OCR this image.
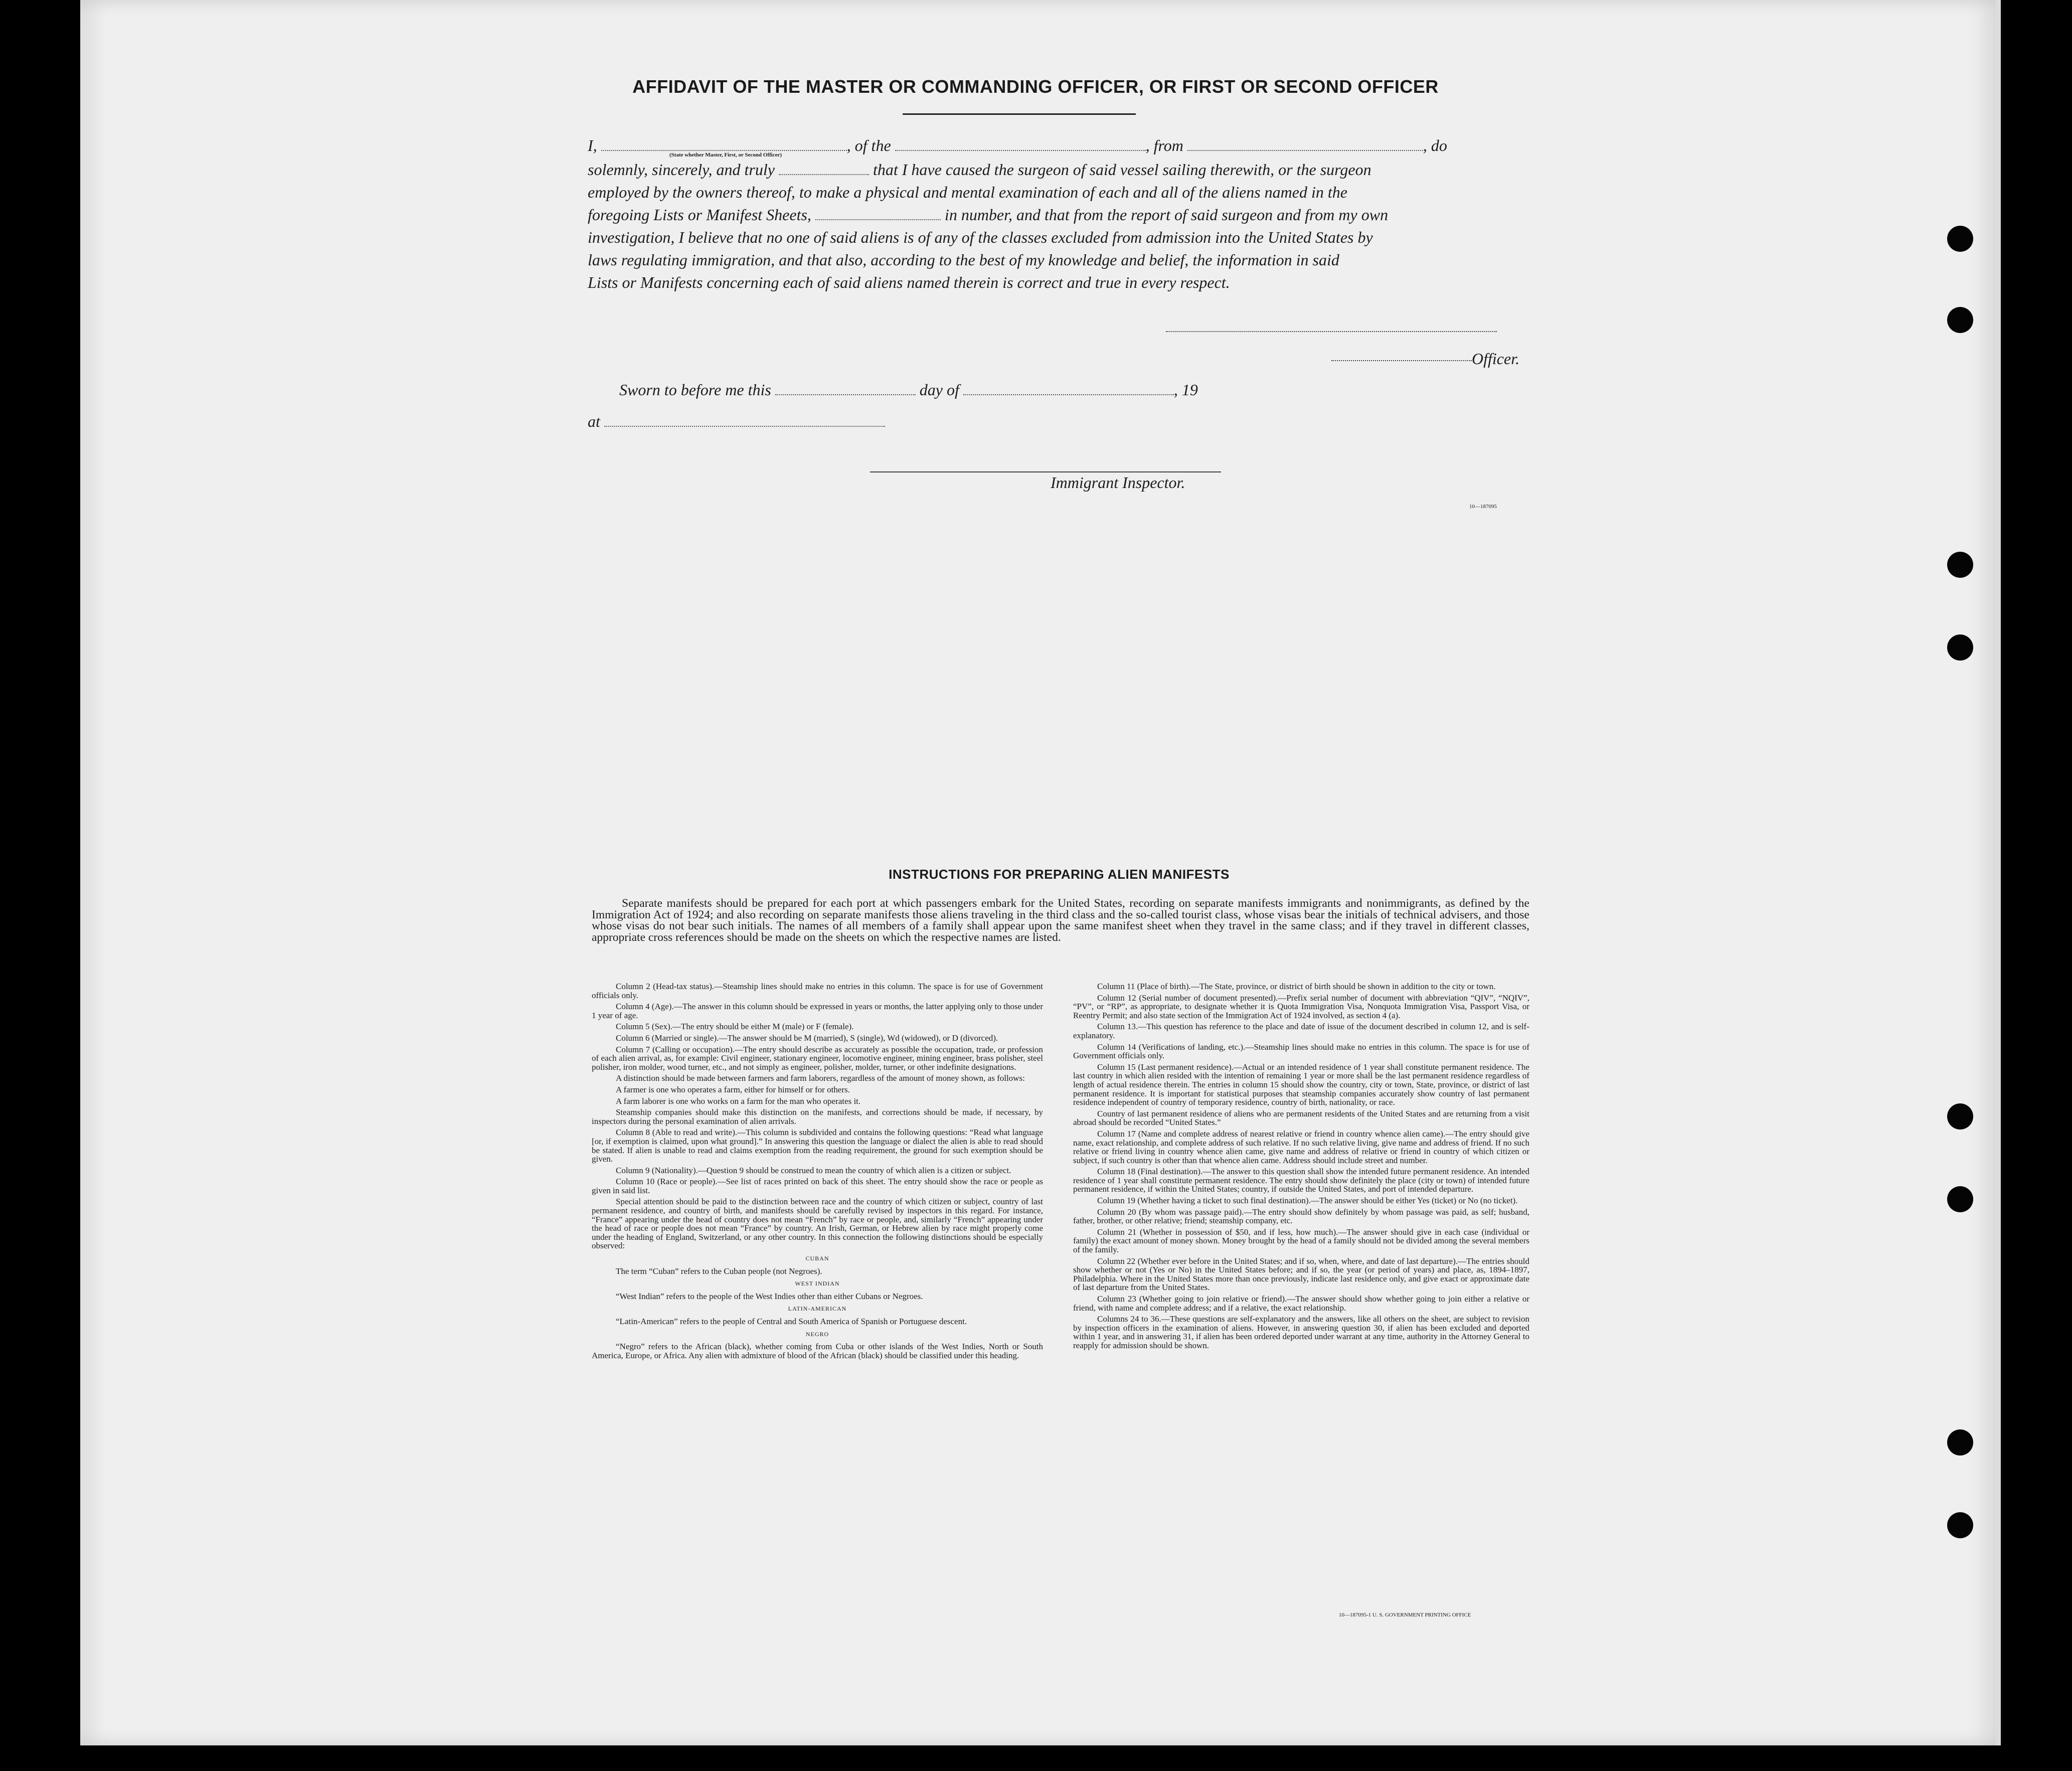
AFFIDAVIT OF THE MASTER OR COMMANDING OFFICER, OR FIRST OR SECOND OFFICER
I,	, of the	, from	, do
(State whether Master, First, or Second Officer)
solemnly, sincerely, and truly	that I have caused the surgeon of said vessel sailing therewith, or the surgeon
employed by the owners thereof, to make a physical and mental examination of each and all of the aliens named in the
foregoing Lists or Manifest Sheets,	in number, and that from the report of said surgeon and from my own
investigation, I believe that no one of said aliens is of any of the classes excluded from admission into the United States by
laws regulating immigration, and that also, according to the best of my knowledge and belief, the information in said
Lists or Manifests concerning each of said aliens named therein is correct and true in every respect.
Officer.
Sworn to before me this	day of	, 19
at
Immigrant Inspector.
10—187095
INSTRUCTIONS FOR PREPARING ALIEN MANIFESTS

Separate manifests should be prepared for each port at which passengers embark for the United States, recording on separate manifests immigrants and nonimmigrants, as defined by the Immigration Act of 1924; and also recording on separate manifests those aliens traveling in the third class and the so-called tourist class, whose visas bear the initials of technical advisers, and those whose visas do not bear such initials. The names of all members of a family shall appear upon the same manifest sheet when they travel in the same class; and if they travel in different classes, appropriate cross references should be made on the sheets on which the respective names are listed.

Column 2 (Head-tax status).—Steamship lines should make no entries in this column. The space is for use of Government officials only.

Column 4 (Age).—The answer in this column should be expressed in years or months, the latter applying only to those under 1 year of age.

Column 5 (Sex).—The entry should be either M (male) or F (female).

Column 6 (Married or single).—The answer should be M (married), S (single), Wd (widowed), or D (divorced).

Column 7 (Calling or occupation).—The entry should describe as accurately as possible the occupation, trade, or profession of each alien arrival, as, for example: Civil engineer, stationary engineer, locomotive engineer, mining engineer, brass polisher, steel polisher, iron molder, wood turner, etc., and not simply as engineer, polisher, molder, turner, or other indefinite designations.

A distinction should be made between farmers and farm laborers, regardless of the amount of money shown, as follows:

A farmer is one who operates a farm, either for himself or for others.

A farm laborer is one who works on a farm for the man who operates it.

Steamship companies should make this distinction on the manifests, and corrections should be made, if necessary, by inspectors during the personal examination of alien arrivals.

Column 8 (Able to read and write).—This column is subdivided and contains the following questions: “Read what language [or, if exemption is claimed, upon what ground].” In answering this question the language or dialect the alien is able to read should be stated. If alien is unable to read and claims exemption from the reading requirement, the ground for such exemption should be given.

Column 9 (Nationality).—Question 9 should be construed to mean the country of which alien is a citizen or subject.

Column 10 (Race or people).—See list of races printed on back of this sheet. The entry should show the race or people as given in said list.

Special attention should be paid to the distinction between race and the country of which citizen or subject, country of last permanent residence, and country of birth, and manifests should be carefully revised by inspectors in this regard. For instance, “France” appearing under the head of country does not mean “French” by race or people, and, similarly “French” appearing under the head of race or people does not mean “France” by country. An Irish, German, or Hebrew alien by race might properly come under the heading of England, Switzerland, or any other country. In this connection the following distinctions should be especially observed:

CUBAN

The term “Cuban” refers to the Cuban people (not Negroes).

WEST INDIAN

“West Indian” refers to the people of the West Indies other than either Cubans or Negroes.

LATIN-AMERICAN

“Latin-American” refers to the people of Central and South America of Spanish or Portuguese descent.

NEGRO

“Negro” refers to the African (black), whether coming from Cuba or other islands of the West Indies, North or South America, Europe, or Africa. Any alien with admixture of blood of the African (black) should be classified under this heading.

Column 11 (Place of birth).—The State, province, or district of birth should be shown in addition to the city or town.

Column 12 (Serial number of document presented).—Prefix serial number of document with abbreviation “QIV”, “NQIV”, “PV”, or “RP”, as appropriate, to designate whether it is Quota Immigration Visa, Nonquota Immigration Visa, Passport Visa, or Reentry Permit; and also state section of the Immigration Act of 1924 involved, as section 4 (a).

Column 13.—This question has reference to the place and date of issue of the document described in column 12, and is self-explanatory.

Column 14 (Verifications of landing, etc.).—Steamship lines should make no entries in this column. The space is for use of Government officials only.

Column 15 (Last permanent residence).—Actual or an intended residence of 1 year shall constitute permanent residence. The last country in which alien resided with the intention of remaining 1 year or more shall be the last permanent residence regardless of length of actual residence therein. The entries in column 15 should show the country, city or town, State, province, or district of last permanent residence. It is important for statistical purposes that steamship companies accurately show country of last permanent residence independent of country of temporary residence, country of birth, nationality, or race.

Country of last permanent residence of aliens who are permanent residents of the United States and are returning from a visit abroad should be recorded “United States.”

Column 17 (Name and complete address of nearest relative or friend in country whence alien came).—The entry should give name, exact relationship, and complete address of such relative. If no such relative living, give name and address of friend. If no such relative or friend living in country whence alien came, give name and address of relative or friend in country of which citizen or subject, if such country is other than that whence alien came. Address should include street and number.

Column 18 (Final destination).—The answer to this question shall show the intended future permanent residence. An intended residence of 1 year shall constitute permanent residence. The entry should show definitely the place (city or town) of intended future permanent residence, if within the United States; country, if outside the United States, and port of intended departure.

Column 19 (Whether having a ticket to such final destination).—The answer should be either Yes (ticket) or No (no ticket).

Column 20 (By whom was passage paid).—The entry should show definitely by whom passage was paid, as self; husband, father, brother, or other relative; friend; steamship company, etc.

Column 21 (Whether in possession of $50, and if less, how much).—The answer should give in each case (individual or family) the exact amount of money shown. Money brought by the head of a family should not be divided among the several members of the family.

Column 22 (Whether ever before in the United States; and if so, when, where, and date of last departure).—The entries should show whether or not (Yes or No) in the United States before; and if so, the year (or period of years) and place, as, 1894–1897, Philadelphia. Where in the United States more than once previously, indicate last residence only, and give exact or approximate date of last departure from the United States.

Column 23 (Whether going to join relative or friend).—The answer should show whether going to join either a relative or friend, with name and complete address; and if a relative, the exact relationship.

Columns 24 to 36.—These questions are self-explanatory and the answers, like all others on the sheet, are subject to revision by inspection officers in the examination of aliens. However, in answering question 30, if alien has been excluded and deported within 1 year, and in answering 31, if alien has been ordered deported under warrant at any time, authority in the Attorney General to reapply for admission should be shown.

10—187095-1 U. S. GOVERNMENT PRINTING OFFICE
